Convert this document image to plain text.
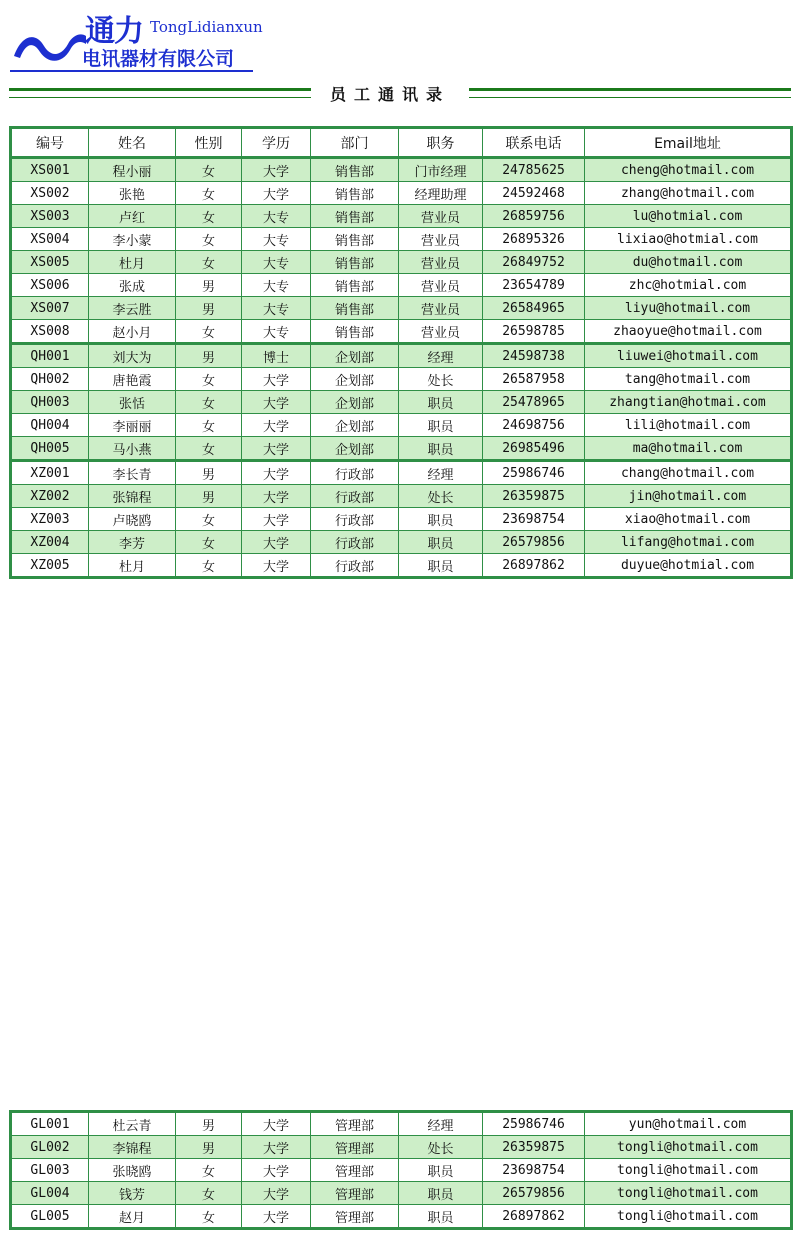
通力 TongLidianxun
电讯器材有限公司
员工通讯录
编号	姓名	性别	学历	部门	职务	联系电话	Email地址
XS001	程小丽	女	大学	销售部	门市经理	24785625	cheng@hotmail.com
XS002	张艳	女	大学	销售部	经理助理	24592468	zhang@hotmail.com
XS003	卢红	女	大专	销售部	营业员	26859756	lu@hotmial.com
XS004	李小蒙	女	大专	销售部	营业员	26895326	lixiao@hotmial.com
XS005	杜月	女	大专	销售部	营业员	26849752	du@hotmail.com
XS006	张成	男	大专	销售部	营业员	23654789	zhc@hotmial.com
XS007	李云胜	男	大专	销售部	营业员	26584965	liyu@hotmail.com
XS008	赵小月	女	大专	销售部	营业员	26598785	zhaoyue@hotmail.com
QH001	刘大为	男	博士	企划部	经理	24598738	liuwei@hotmail.com
QH002	唐艳霞	女	大学	企划部	处长	26587958	tang@hotmail.com
QH003	张恬	女	大学	企划部	职员	25478965	zhangtian@hotmai.com
QH004	李丽丽	女	大学	企划部	职员	24698756	lili@hotmail.com
QH005	马小燕	女	大学	企划部	职员	26985496	ma@hotmail.com
XZ001	李长青	男	大学	行政部	经理	25986746	chang@hotmail.com
XZ002	张锦程	男	大学	行政部	处长	26359875	jin@hotmail.com
XZ003	卢晓鸥	女	大学	行政部	职员	23698754	xiao@hotmail.com
XZ004	李芳	女	大学	行政部	职员	26579856	lifang@hotmai.com
XZ005	杜月	女	大学	行政部	职员	26897862	duyue@hotmial.com
GL001	杜云青	男	大学	管理部	经理	25986746	yun@hotmail.com
GL002	李锦程	男	大学	管理部	处长	26359875	tongli@hotmail.com
GL003	张晓鸥	女	大学	管理部	职员	23698754	tongli@hotmail.com
GL004	钱芳	女	大学	管理部	职员	26579856	tongli@hotmail.com
GL005	赵月	女	大学	管理部	职员	26897862	tongli@hotmail.com
